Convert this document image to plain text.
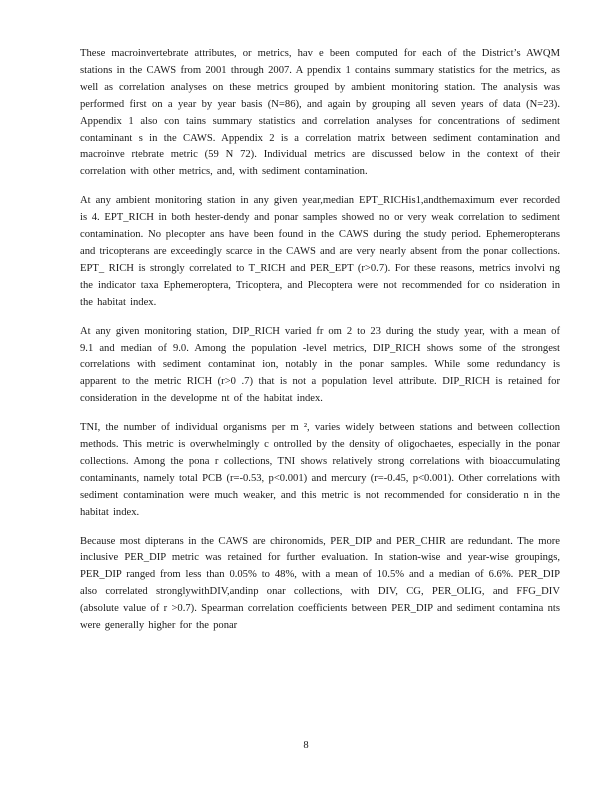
These macroinvertebrate attributes, or metrics, hav e been computed for each of the District’s AWQM stations in the CAWS from 2001 through 2007. A ppendix 1 contains summary statistics for the metrics, as well as correlation analyses on these metrics grouped by ambient monitoring station. The analysis was performed first on a year by year basis (N=86), and again by grouping all seven years of data (N=23). Appendix 1 also con tains summary statistics and correlation analyses for concentrations of sediment contaminant s in the CAWS. Appendix 2 is a correlation matrix between sediment contamination and macroinve rtebrate metric (59 N 72). Individual metrics are discussed below in the context of their correlation with other metrics, and, with sediment contamination.

At any ambient monitoring station in any given year,median EPT_RICHis1,andthemaximum ever recorded is 4. EPT_RICH in both hester-dendy and ponar samples showed no or very weak correlation to sediment contamination. No plecopter ans have been found in the CAWS during the study period. Ephemeropterans and tricopterans are exceedingly scarce in the CAWS and are very nearly absent from the ponar collections. EPT_ RICH is strongly correlated to T_RICH and PER_EPT (r>0.7). For these reasons, metrics involvi ng the indicator taxa Ephemeroptera, Tricoptera, and Plecoptera were not recommended for co nsideration in the habitat index.

At any given monitoring station, DIP_RICH varied fr om 2 to 23 during the study year, with a mean of 9.1 and median of 9.0. Among the population -level metrics, DIP_RICH shows some of the strongest correlations with sediment contaminat ion, notably in the ponar samples. While some redundancy is apparent to the metric RICH (r>0 .7) that is not a population level attribute. DIP_RICH is retained for consideration in the developme nt of the habitat index.

TNI, the number of individual organisms per m ², varies widely between stations and between collection methods. This metric is overwhelmingly c ontrolled by the density of oligochaetes, especially in the ponar collections. Among the pona r collections, TNI shows relatively strong correlations with bioaccumulating contaminants, namely total PCB (r=-0.53, p<0.001) and mercury (r=-0.45, p<0.001). Other correlations with sediment contamination were much weaker, and this metric is not recommended for consideratio n in the habitat index.

Because most dipterans in the CAWS are chironomids, PER_DIP and PER_CHIR are redundant. The more inclusive PER_DIP metric was retained for further evaluation. In station-wise and year-wise groupings, PER_DIP ranged from less than 0.05% to 48%, with a mean of 10.5% and a median of 6.6%. PER_DIP also correlated stronglywithDIV,andinp onar collections, with DIV, CG, PER_OLIG, and FFG_DIV (absolute value of r >0.7). Spearman correlation coefficients between PER_DIP and sediment contamina nts were generally higher for the ponar

8
